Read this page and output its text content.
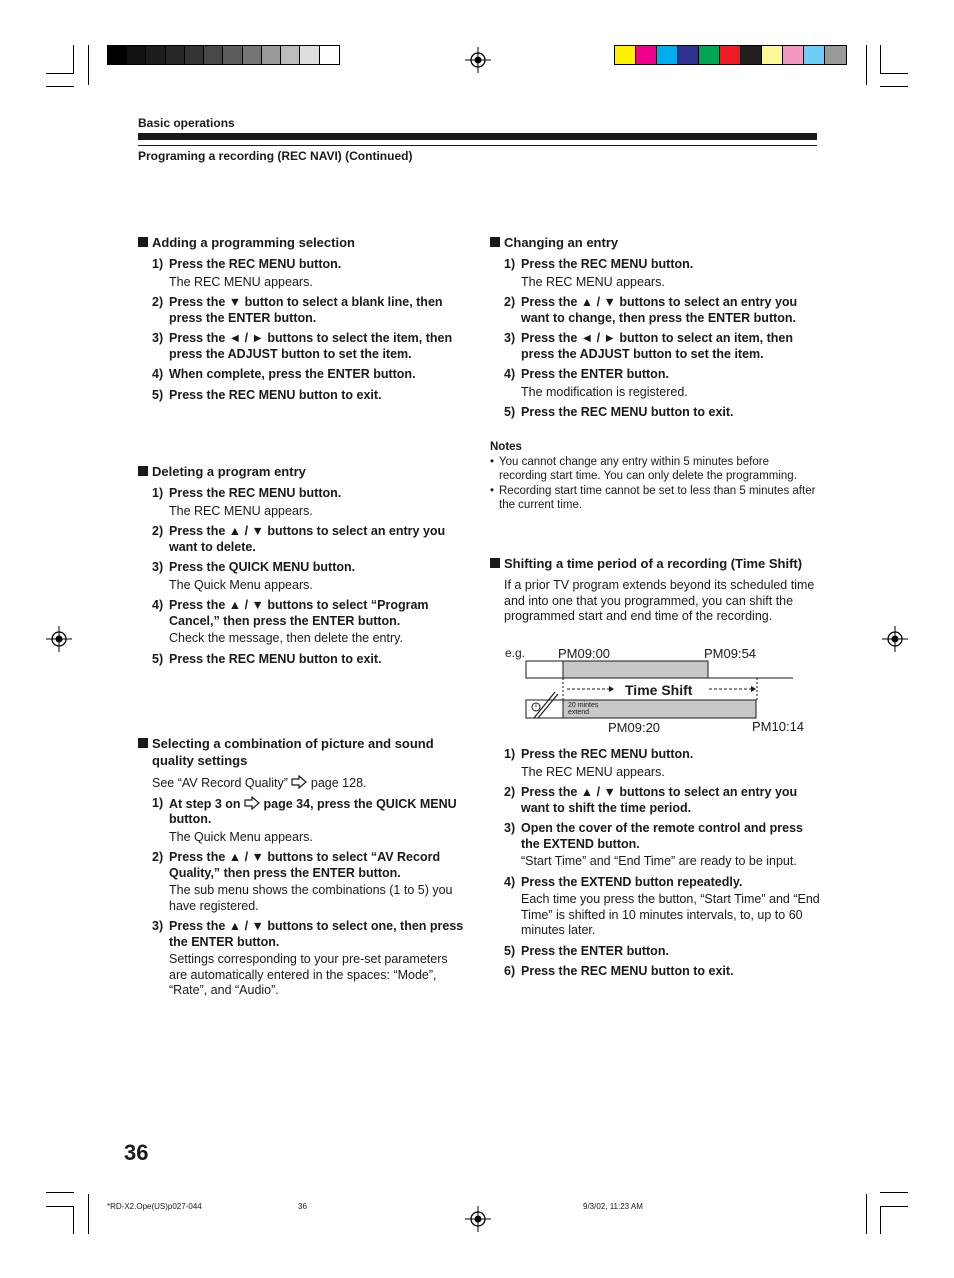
Basic operations
Programing a recording (REC NAVI) (Continued)
Adding a programming selection
1) Press the REC MENU button.
The REC MENU appears.
2) Press the ▼ button to select a blank line, then press the ENTER button.
3) Press the ◄ / ► buttons to select the item, then press the ADJUST button to set the item.
4) When complete, press the ENTER button.
5) Press the REC MENU button to exit.
Deleting a program entry
1) Press the REC MENU button.
The REC MENU appears.
2) Press the ▲ / ▼ buttons to select an entry you want to delete.
3) Press the QUICK MENU button.
The Quick Menu appears.
4) Press the ▲ / ▼ buttons to select “Program Cancel,” then press the ENTER button.
Check the message, then delete the entry.
5) Press the REC MENU button to exit.
Selecting a combination of picture and sound quality settings
See “AV Record Quality” page 128.
1) At step 3 on page 34, press the QUICK MENU button.
The Quick Menu appears.
2) Press the ▲ / ▼ buttons to select “AV Record Quality,” then press the ENTER button.
The sub menu shows the combinations (1 to 5) you have registered.
3) Press the ▲ / ▼ buttons to select one, then press the ENTER button.
Settings corresponding to your pre-set parameters are automatically entered in the spaces: “Mode”, “Rate”, and “Audio”.
Changing an entry
1) Press the REC MENU button.
The REC MENU appears.
2) Press the ▲ / ▼ buttons to select an entry you want to change, then press the ENTER button.
3) Press the ◄ / ► button to select an item, then press the ADJUST button to set the item.
4) Press the ENTER button.
The modification is registered.
5) Press the REC MENU button to exit.
Notes
• You cannot change any entry within 5 minutes before recording start time. You can only delete the programming.
• Recording start time cannot be set to less than 5 minutes after the current time.
Shifting a time period of a recording (Time Shift)
If a prior TV program extends beyond its scheduled time and into one that you programmed, you can shift the programmed start and end time of the recording.
e.g.	PM09:00	PM09:54
Time Shift
20 mintes extend
PM09:20	PM10:14
1) Press the REC MENU button.
The REC MENU appears.
2) Press the ▲ / ▼ buttons to select an entry you want to shift the time period.
3) Open the cover of the remote control and press the EXTEND button.
“Start Time” and “End Time” are ready to be input.
4) Press the EXTEND button repeatedly.
Each time you press the button, “Start Time” and “End Time” is shifted in 10 minutes intervals, to, up to 60 minutes later.
5) Press the ENTER button.
6) Press the REC MENU button to exit.
36
*RD-X2.Ope(US)p027-044	36	9/3/02, 11:23 AM
